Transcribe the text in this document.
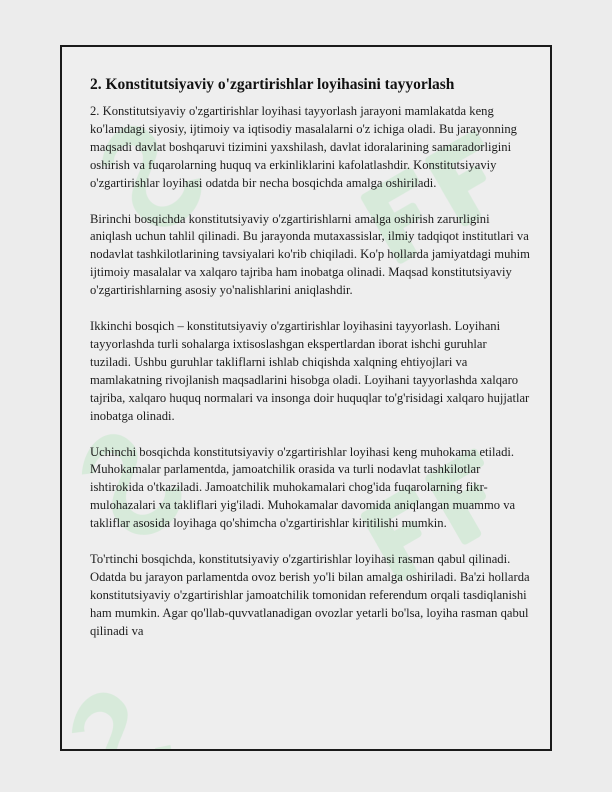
2. Konstitutsiyaviy o'zgartirishlar loyihasini tayyorlash

2. Konstitutsiyaviy o'zgartirishlar loyihasi tayyorlash jarayoni mamlakatda keng ko'lamdagi siyosiy, ijtimoiy va iqtisodiy masalalarni o'z ichiga oladi. Bu jarayonning maqsadi davlat boshqaruvi tizimini yaxshilash, davlat idoralarining samaradorligini oshirish va fuqarolarning huquq va erkinliklarini kafolatlashdir. Konstitutsiyaviy o'zgartirishlar loyihasi odatda bir necha bosqichda amalga oshiriladi.

Birinchi bosqichda konstitutsiyaviy o'zgartirishlarni amalga oshirish zarurligini aniqlash uchun tahlil qilinadi. Bu jarayonda mutaxassislar, ilmiy tadqiqot institutlari va nodavlat tashkilotlarining tavsiyalari ko'rib chiqiladi. Ko'p hollarda jamiyatdagi muhim ijtimoiy masalalar va xalqaro tajriba ham inobatga olinadi. Maqsad konstitutsiyaviy o'zgartirishlarning asosiy yo'nalishlarini aniqlashdir.

Ikkinchi bosqich – konstitutsiyaviy o'zgartirishlar loyihasini tayyorlash. Loyihani tayyorlashda turli sohalarga ixtisoslashgan ekspertlardan iborat ishchi guruhlar tuziladi. Ushbu guruhlar takliflarni ishlab chiqishda xalqning ehtiyojlari va mamlakatning rivojlanish maqsadlarini hisobga oladi. Loyihani tayyorlashda xalqaro tajriba, xalqaro huquq normalari va insonga doir huquqlar to'g'risidagi xalqaro hujjatlar inobatga olinadi.

Uchinchi bosqichda konstitutsiyaviy o'zgartirishlar loyihasi keng muhokama etiladi. Muhokamalar parlamentda, jamoatchilik orasida va turli nodavlat tashkilotlar ishtirokida o'tkaziladi. Jamoatchilik muhokamalari chog'ida fuqarolarning fikr-mulohazalari va takliflari yig'iladi. Muhokamalar davomida aniqlangan muammo va takliflar asosida loyihaga qo'shimcha o'zgartirishlar kiritilishi mumkin.

To'rtinchi bosqichda, konstitutsiyaviy o'zgartirishlar loyihasi rasman qabul qilinadi. Odatda bu jarayon parlamentda ovoz berish yo'li bilan amalga oshiriladi. Ba'zi hollarda konstitutsiyaviy o'zgartirishlar jamoatchilik tomonidan referendum orqali tasdiqlanishi ham mumkin. Agar qo'llab-quvvatlanadigan ovozlar yetarli bo'lsa, loyiha rasman qabul qilinadi va
